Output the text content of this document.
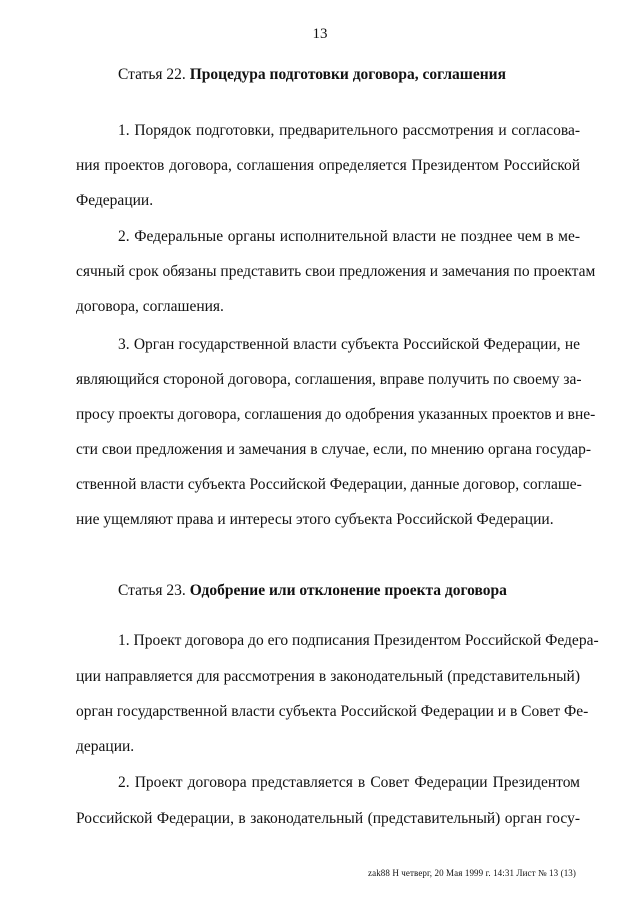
13
Статья 22. Процедура подготовки договора, соглашения
1. Порядок подготовки, предварительного рассмотрения и согласова-
ния проектов договора, соглашения определяется Президентом Российской
Федерации.
2. Федеральные органы исполнительной власти не позднее чем в ме-
сячный срок обязаны представить свои предложения и замечания по проектам
договора, соглашения.
3. Орган государственной власти субъекта Российской Федерации, не
являющийся стороной договора, соглашения, вправе получить по своему за-
просу проекты договора, соглашения до одобрения указанных проектов и вне-
сти свои предложения и замечания в случае, если, по мнению органа государ-
ственной власти субъекта Российской Федерации, данные договор, соглаше-
ние ущемляют права и интересы этого субъекта Российской Федерации.
Статья 23. Одобрение или отклонение проекта договора
1. Проект договора до его подписания Президентом Российской Федера-
ции направляется для рассмотрения в законодательный (представительный)
орган государственной власти субъекта Российской Федерации и в Совет Фе-
дерации.
2. Проект договора представляется в Совет Федерации Президентом
Российской Федерации, в законодательный (представительный) орган госу-
zak88 H четверг, 20 Мая 1999 г. 14:31 Лист № 13 (13)
